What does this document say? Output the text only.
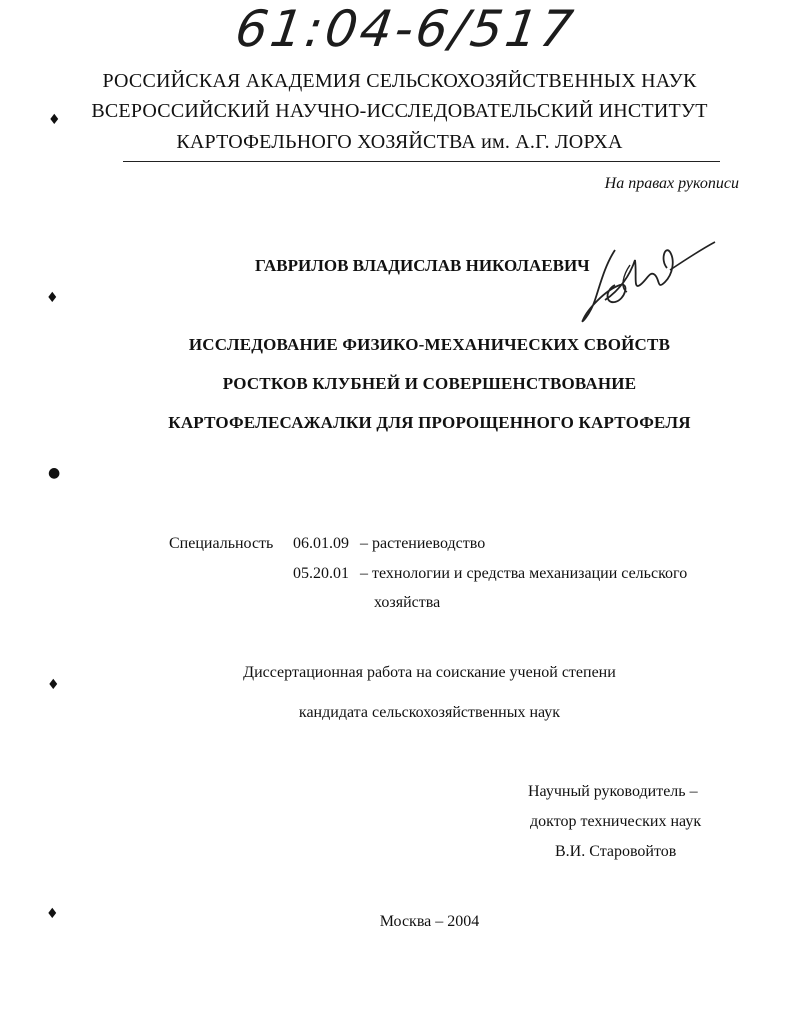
61:04-6/517
РОССИЙСКАЯ АКАДЕМИЯ СЕЛЬСКОХОЗЯЙСТВЕННЫХ НАУК
ВСЕРОССИЙСКИЙ НАУЧНО-ИССЛЕДОВАТЕЛЬСКИЙ ИНСТИТУТ
КАРТОФЕЛЬНОГО ХОЗЯЙСТВА им. А.Г. ЛОРХА
На правах рукописи
ГАВРИЛОВ ВЛАДИСЛАВ НИКОЛАЕВИЧ
ИССЛЕДОВАНИЕ ФИЗИКО-МЕХАНИЧЕСКИХ СВОЙСТВ
РОСТКОВ КЛУБНЕЙ И СОВЕРШЕНСТВОВАНИЕ
КАРТОФЕЛЕСАЖАЛКИ ДЛЯ ПРОРОЩЕННОГО КАРТОФЕЛЯ
Специальность 06.01.09 – растениеводство
05.20.01 – технологии и средства механизации сельского
хозяйства
Диссертационная работа на соискание ученой степени
кандидата сельскохозяйственных наук
Научный руководитель –
доктор технических наук
В.И. Старовойтов
Москва – 2004
♦
♦
●
♦
♦
